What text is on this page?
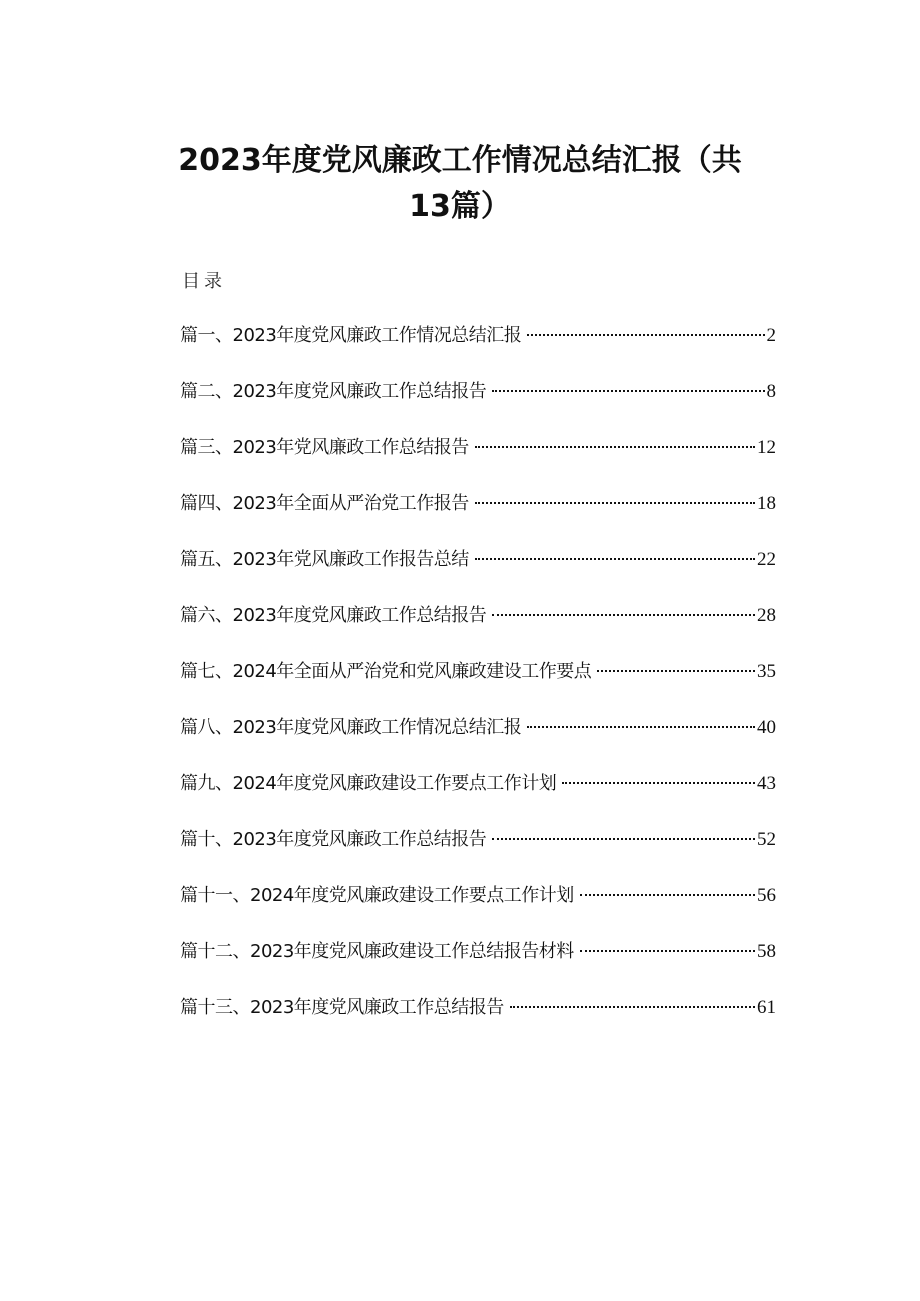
2023年度党风廉政工作情况总结汇报（共
13篇）
目录
篇一、2023年度党风廉政工作情况总结汇报	2
篇二、2023年度党风廉政工作总结报告	8
篇三、2023年党风廉政工作总结报告	12
篇四、2023年全面从严治党工作报告	18
篇五、2023年党风廉政工作报告总结	22
篇六、2023年度党风廉政工作总结报告	28
篇七、2024年全面从严治党和党风廉政建设工作要点	35
篇八、2023年度党风廉政工作情况总结汇报	40
篇九、2024年度党风廉政建设工作要点工作计划	43
篇十、2023年度党风廉政工作总结报告	52
篇十一、2024年度党风廉政建设工作要点工作计划	56
篇十二、2023年度党风廉政建设工作总结报告材料	58
篇十三、2023年度党风廉政工作总结报告	61
